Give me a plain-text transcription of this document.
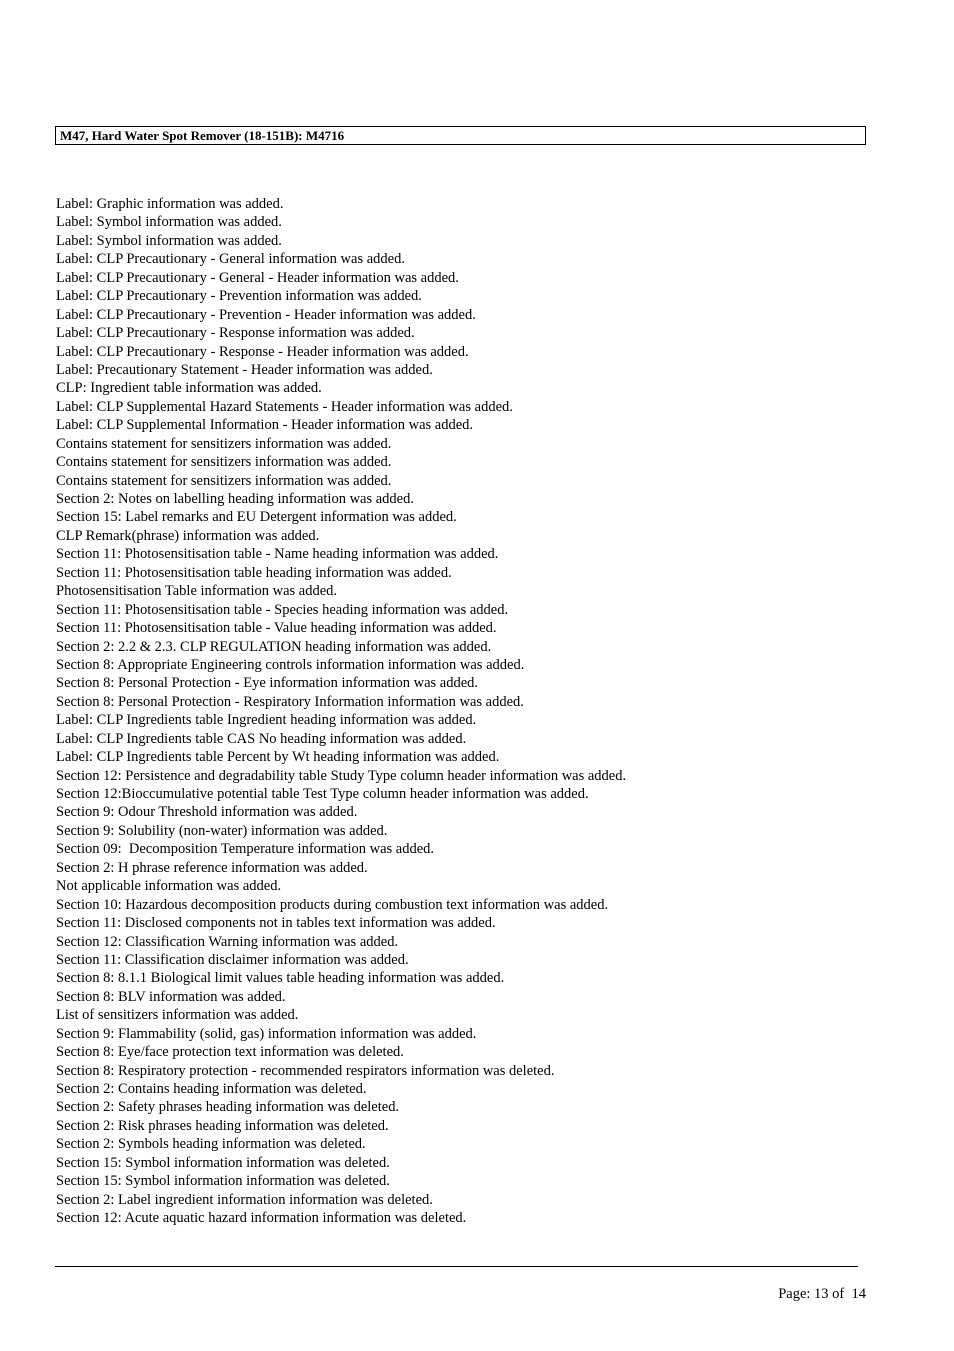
M47, Hard Water Spot Remover (18-151B): M4716
Label: Graphic information was added.
Label: Symbol information was added.
Label: Symbol information was added.
Label: CLP Precautionary - General information was added.
Label: CLP Precautionary - General - Header information was added.
Label: CLP Precautionary - Prevention information was added.
Label: CLP Precautionary - Prevention - Header information was added.
Label: CLP Precautionary - Response information was added.
Label: CLP Precautionary - Response - Header information was added.
Label: Precautionary Statement - Header information was added.
CLP: Ingredient table information was added.
Label: CLP Supplemental Hazard Statements - Header information was added.
Label: CLP Supplemental Information - Header information was added.
Contains statement for sensitizers information was added.
Contains statement for sensitizers information was added.
Contains statement for sensitizers information was added.
Section 2: Notes on labelling heading information was added.
Section 15: Label remarks and EU Detergent information was added.
CLP Remark(phrase) information was added.
Section 11: Photosensitisation table - Name heading information was added.
Section 11: Photosensitisation table heading information was added.
Photosensitisation Table information was added.
Section 11: Photosensitisation table - Species heading information was added.
Section 11: Photosensitisation table - Value heading information was added.
Section 2: 2.2 & 2.3. CLP REGULATION heading information was added.
Section 8: Appropriate Engineering controls information information was added.
Section 8: Personal Protection - Eye information information was added.
Section 8: Personal Protection - Respiratory Information information was added.
Label: CLP Ingredients table Ingredient heading information was added.
Label: CLP Ingredients table CAS No heading information was added.
Label: CLP Ingredients table Percent by Wt heading information was added.
Section 12: Persistence and degradability table Study Type column header information was added.
Section 12:Bioccumulative potential table Test Type column header information was added.
Section 9: Odour Threshold information was added.
Section 9: Solubility (non-water) information was added.
Section 09:  Decomposition Temperature information was added.
Section 2: H phrase reference information was added.
Not applicable information was added.
Section 10: Hazardous decomposition products during combustion text information was added.
Section 11: Disclosed components not in tables text information was added.
Section 12: Classification Warning information was added.
Section 11: Classification disclaimer information was added.
Section 8: 8.1.1 Biological limit values table heading information was added.
Section 8: BLV information was added.
List of sensitizers information was added.
Section 9: Flammability (solid, gas) information information was added.
Section 8: Eye/face protection text information was deleted.
Section 8: Respiratory protection - recommended respirators information was deleted.
Section 2: Contains heading information was deleted.
Section 2: Safety phrases heading information was deleted.
Section 2: Risk phrases heading information was deleted.
Section 2: Symbols heading information was deleted.
Section 15: Symbol information information was deleted.
Section 15: Symbol information information was deleted.
Section 2: Label ingredient information information was deleted.
Section 12: Acute aquatic hazard information information was deleted.
Page: 13 of  14
